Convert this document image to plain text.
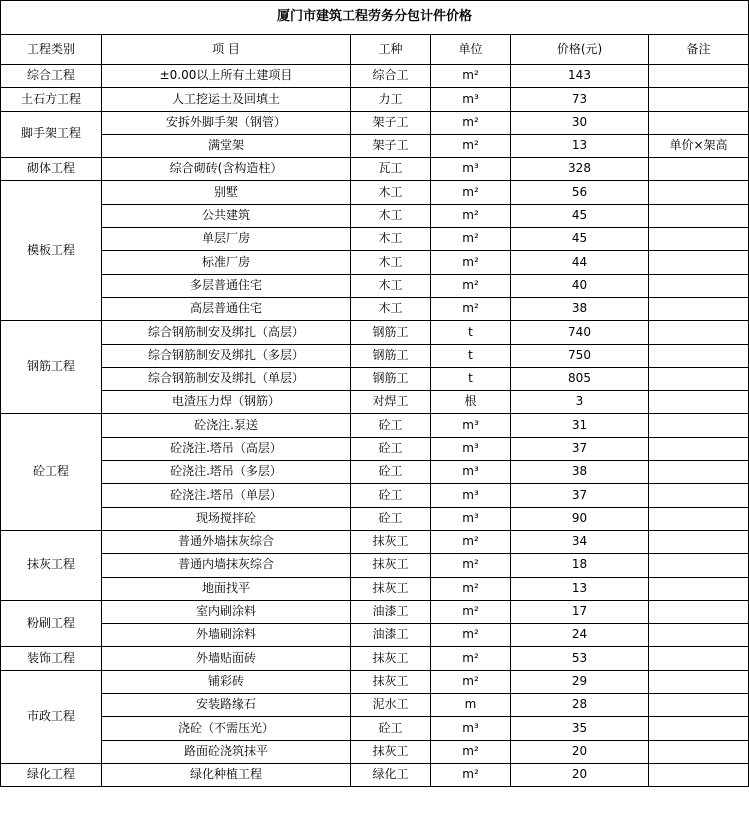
厦门市建筑工程劳务分包计件价格					
工程类别	项 目	工种	单位	价格(元)	备注
综合工程	±0.00以上所有土建项目	综合工	m²	143	
土石方工程	人工挖运土及回填土	力工	m³	73	
脚手架工程	安拆外脚手架（钢管）	架子工	m²	30	
	满堂架	架子工	m²	13	单价×架高
砌体工程	综合砌砖(含构造柱）	瓦工	m³	328	
模板工程	别墅	木工	m²	56	
	公共建筑	木工	m²	45	
	单层厂房	木工	m²	45	
	标准厂房	木工	m²	44	
	多层普通住宅	木工	m²	40	
	高层普通住宅	木工	m²	38	
钢筋工程	综合钢筋制安及绑扎（高层）	钢筋工	t	740	
	综合钢筋制安及绑扎（多层）	钢筋工	t	750	
	综合钢筋制安及绑扎（单层）	钢筋工	t	805	
	电渣压力焊（钢筋）	对焊工	根	3	
砼工程	砼浇注.泵送	砼工	m³	31	
	砼浇注.塔吊（高层）	砼工	m³	37	
	砼浇注.塔吊（多层）	砼工	m³	38	
	砼浇注.塔吊（单层）	砼工	m³	37	
	现场搅拌砼	砼工	m³	90	
抹灰工程	普通外墙抹灰综合	抹灰工	m²	34	
	普通内墙抹灰综合	抹灰工	m²	18	
	地面找平	抹灰工	m²	13	
粉刷工程	室内刷涂料	油漆工	m²	17	
	外墙刷涂料	油漆工	m²	24	
装饰工程	外墙贴面砖	抹灰工	m²	53	
市政工程	铺彩砖	抹灰工	m²	29	
	安装路缘石	泥水工	m	28	
	浇砼（不需压光）	砼工	m³	35	
	路面砼浇筑抹平	抹灰工	m²	20	
绿化工程	绿化种植工程	绿化工	m²	20	
